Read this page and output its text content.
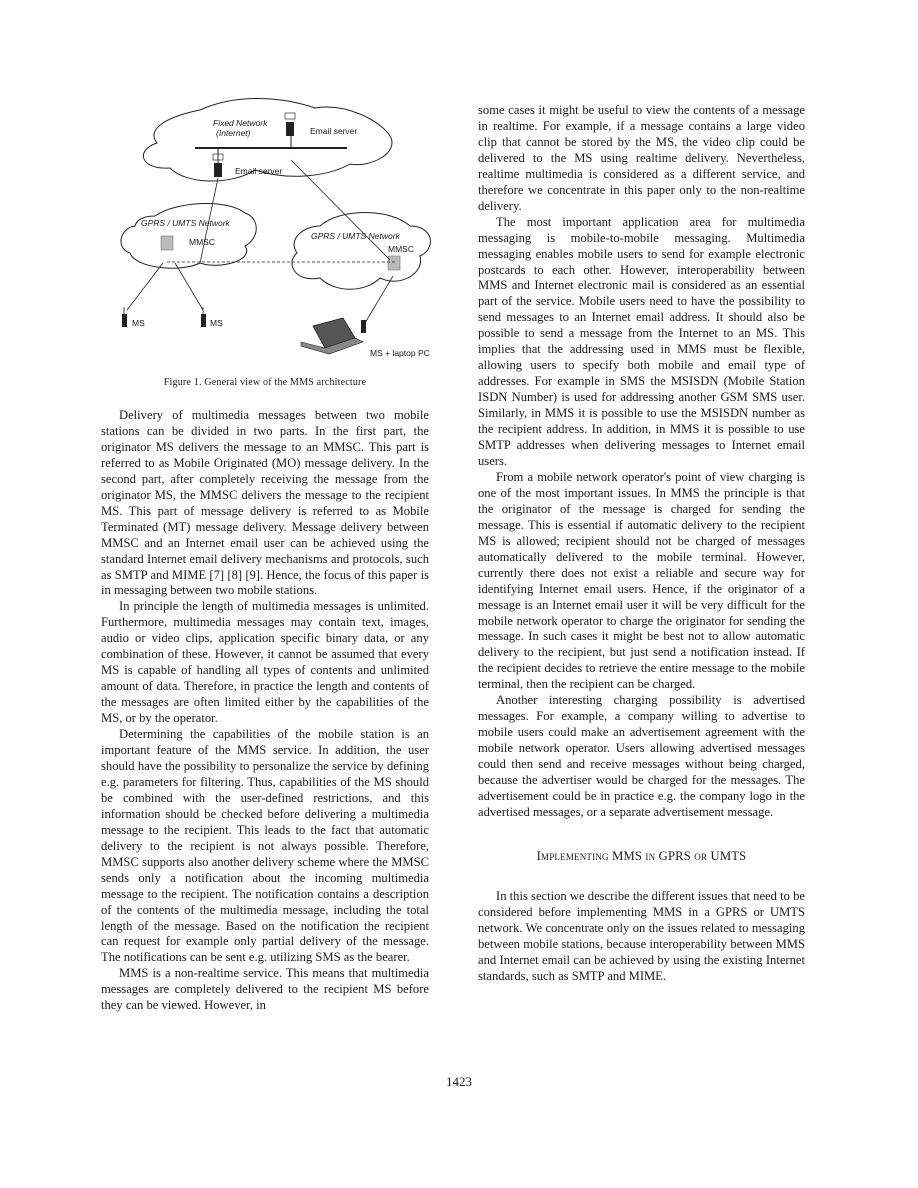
Fixed Network
(Internet)	Email server
Email server
GPRS / UMTS Network
MMSC
GPRS / UMTS Network
MMSC
MS	MS
MS + laptop PC
Figure 1. General view of the MMS architecture

Delivery of multimedia messages between two mobile stations can be divided in two parts. In the first part, the originator MS delivers the message to an MMSC. This part is referred to as Mobile Originated (MO) message delivery. In the second part, after completely receiving the message from the originator MS, the MMSC delivers the message to the recipient MS. This part of message delivery is referred to as Mobile Terminated (MT) message delivery. Message delivery between MMSC and an Internet email user can be achieved using the standard Internet email delivery mechanisms and protocols, such as SMTP and MIME [7] [8] [9]. Hence, the focus of this paper is in messaging between two mobile stations.

In principle the length of multimedia messages is unlimited. Furthermore, multimedia messages may contain text, images, audio or video clips, application specific binary data, or any combination of these. However, it cannot be assumed that every MS is capable of handling all types of contents and unlimited amount of data. Therefore, in practice the length and contents of the messages are often limited either by the capabilities of the MS, or by the operator.

Determining the capabilities of the mobile station is an important feature of the MMS service. In addition, the user should have the possibility to personalize the service by defining e.g. parameters for filtering. Thus, capabilities of the MS should be combined with the user-defined restrictions, and this information should be checked before delivering a multimedia message to the recipient. This leads to the fact that automatic delivery to the recipient is not always possible. Therefore, MMSC supports also another delivery scheme where the MMSC sends only a notification about the incoming multimedia message to the recipient. The notification contains a description of the contents of the multimedia message, including the total length of the message. Based on the notification the recipient can request for example only partial delivery of the message. The notifications can be sent e.g. utilizing SMS as the bearer.

MMS is a non-realtime service. This means that multimedia messages are completely delivered to the recipient MS before they can be viewed. However, in

some cases it might be useful to view the contents of a message in realtime. For example, if a message contains a large video clip that cannot be stored by the MS, the video clip could be delivered to the MS using realtime delivery. Nevertheless, realtime multimedia is considered as a different service, and therefore we concentrate in this paper only to the non-realtime delivery.

The most important application area for multimedia messaging is mobile-to-mobile messaging. Multimedia messaging enables mobile users to send for example electronic postcards to each other. However, interoperability between MMS and Internet electronic mail is considered as an essential part of the service. Mobile users need to have the possibility to send messages to an Internet email address. It should also be possible to send a message from the Internet to an MS. This implies that the addressing used in MMS must be flexible, allowing users to specify both mobile and email type of addresses. For example in SMS the MSISDN (Mobile Station ISDN Number) is used for addressing another GSM SMS user. Similarly, in MMS it is possible to use the MSISDN number as the recipient address. In addition, in MMS it is possible to use SMTP addresses when delivering messages to Internet email users.

From a mobile network operator's point of view charging is one of the most important issues. In MMS the principle is that the originator of the message is charged for sending the message. This is essential if automatic delivery to the recipient MS is allowed; recipient should not be charged of messages automatically delivered to the mobile terminal. However, currently there does not exist a reliable and secure way for identifying Internet email users. Hence, if the originator of a message is an Internet email user it will be very difficult for the mobile network operator to charge the originator for sending the message. In such cases it might be best not to allow automatic delivery to the recipient, but just send a notification instead. If the recipient decides to retrieve the entire message to the mobile terminal, then the recipient can be charged.

Another interesting charging possibility is advertised messages. For example, a company willing to advertise to mobile users could make an advertisement agreement with the mobile network operator. Users allowing advertised messages could then send and receive messages without being charged, because the advertiser would be charged for the messages. The advertisement could be in practice e.g. the company logo in the advertised messages, or a separate advertisement message.

Implementing MMS in GPRS or UMTS

In this section we describe the different issues that need to be considered before implementing MMS in a GPRS or UMTS network. We concentrate only on the issues related to messaging between mobile stations, because interoperability between MMS and Internet email can be achieved by using the existing Internet standards, such as SMTP and MIME.

1423
